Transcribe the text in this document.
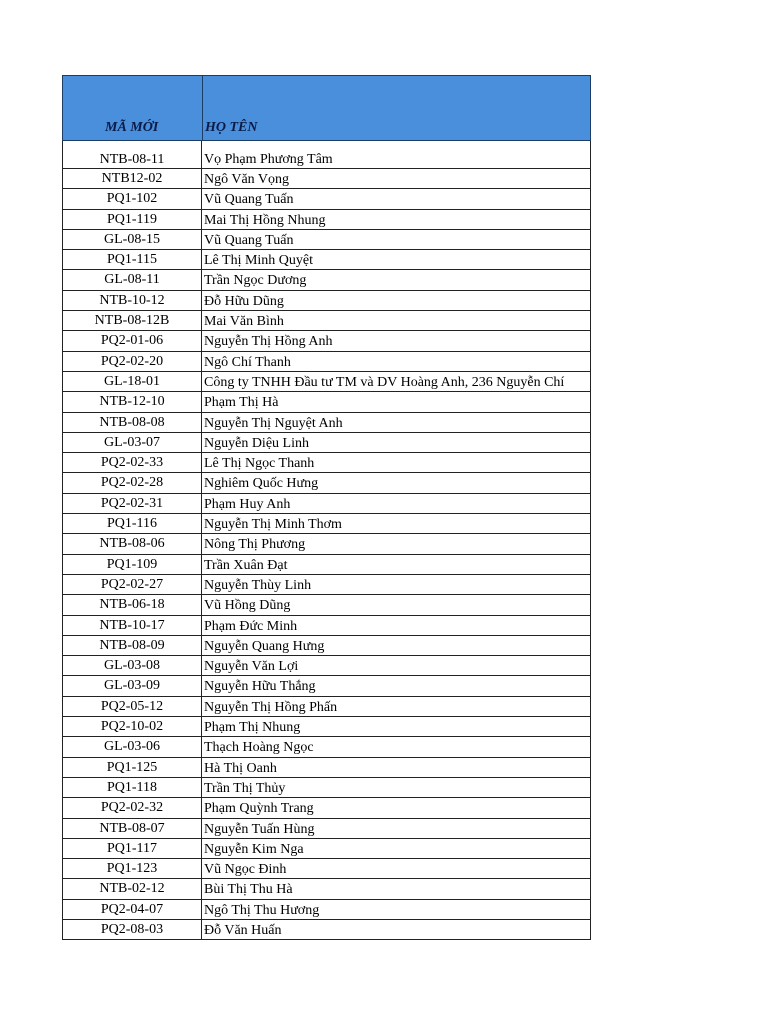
MÃ MỚI	HỌ TÊN
NTB-08-11	Vọ Phạm Phương Tâm
NTB12-02	Ngô Văn Vọng
PQ1-102	Vũ Quang Tuấn
PQ1-119	Mai Thị Hồng Nhung
GL-08-15	Vũ Quang Tuấn
PQ1-115	Lê Thị Minh Quyệt
GL-08-11	Trần Ngọc Dương
NTB-10-12	Đỗ Hữu Dũng
NTB-08-12B	Mai Văn Bình
PQ2-01-06	Nguyễn Thị Hồng Anh
PQ2-02-20	Ngô Chí Thanh
GL-18-01	Công ty TNHH Đầu tư TM và DV Hoàng Anh, 236 Nguyễn Chí
NTB-12-10	Phạm Thị Hà
NTB-08-08	Nguyễn Thị Nguyệt Anh
GL-03-07	Nguyễn Diệu Linh
PQ2-02-33	Lê Thị Ngọc Thanh
PQ2-02-28	Nghiêm Quốc Hưng
PQ2-02-31	Phạm Huy Anh
PQ1-116	Nguyễn Thị Minh Thơm
NTB-08-06	Nông Thị Phương
PQ1-109	Trần Xuân Đạt
PQ2-02-27	Nguyễn Thùy Linh
NTB-06-18	Vũ Hồng Dũng
NTB-10-17	Phạm Đức Minh
NTB-08-09	Nguyễn Quang Hưng
GL-03-08	Nguyễn Văn Lợi
GL-03-09	Nguyễn Hữu Thắng
PQ2-05-12	Nguyễn Thị Hồng Phấn
PQ2-10-02	Phạm Thị Nhung
GL-03-06	Thạch Hoàng Ngọc
PQ1-125	Hà Thị Oanh
PQ1-118	Trần Thị Thủy
PQ2-02-32	Phạm Quỳnh Trang
NTB-08-07	Nguyễn Tuấn Hùng
PQ1-117	Nguyễn Kim Nga
PQ1-123	Vũ Ngọc Đinh
NTB-02-12	Bùi Thị Thu Hà
PQ2-04-07	Ngô Thị Thu Hương
PQ2-08-03	Đỗ Văn Huấn
